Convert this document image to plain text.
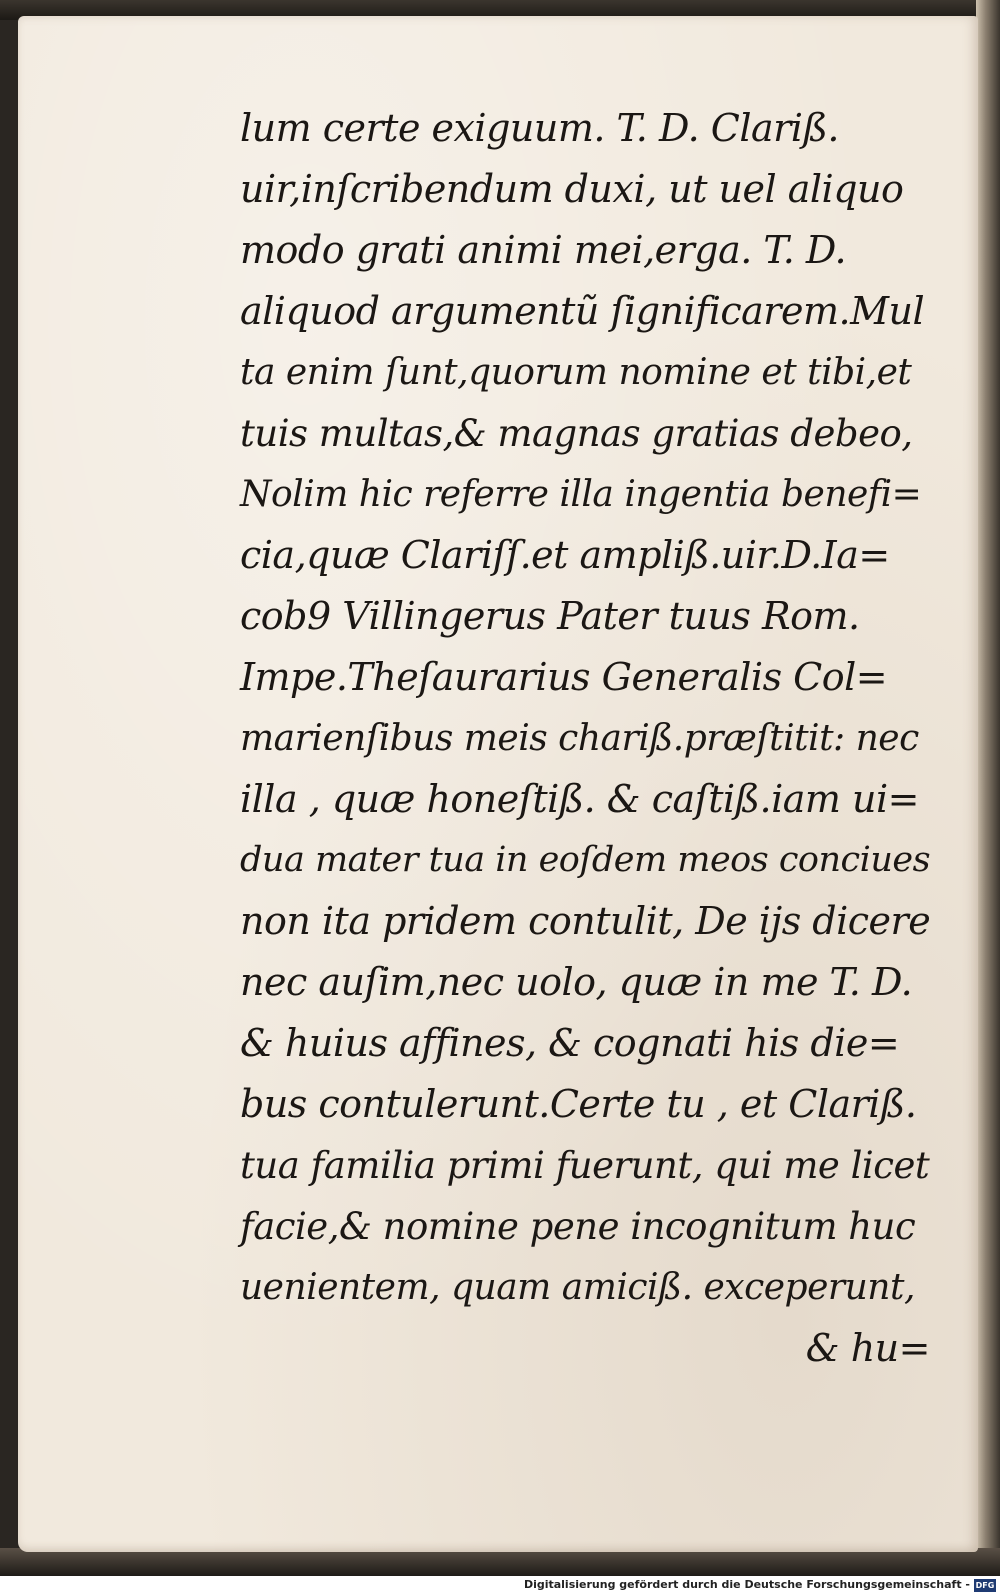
lum certe exiguum. T. D. Clariß.
uir,inſcribendum duxi, ut uel aliquo
modo grati animi mei,erga. T. D.
aliquod argumentũ ſignificarem.Mul
ta enim ſunt,quorum nomine et tibi,et
tuis multas,& magnas gratias debeo,
Nolim hic referre illa ingentia benefi=
cia,quæ Clariſſ.et ampliß.uir.D.Ia=
cob9 Villingerus Pater tuus Rom.
Impe.Theſaurarius Generalis Col=
marienſibus meis chariß.præſtitit: nec
illa , quæ honeſtiß. & caſtiß.iam ui=
dua mater tua in eoſdem meos conciues
non ita pridem contulit, De ijs dicere
nec auſim,nec uolo, quæ in me T. D.
& huius affines, & cognati his die=
bus contulerunt.Certe tu , et Clariß.
tua familia primi fuerunt, qui me licet
facie,& nomine pene incognitum huc
uenientem, quam amiciß. exceperunt,
& hu=
Digitalisierung gefördert durch die Deutsche Forschungsgemeinschaft - DFG
